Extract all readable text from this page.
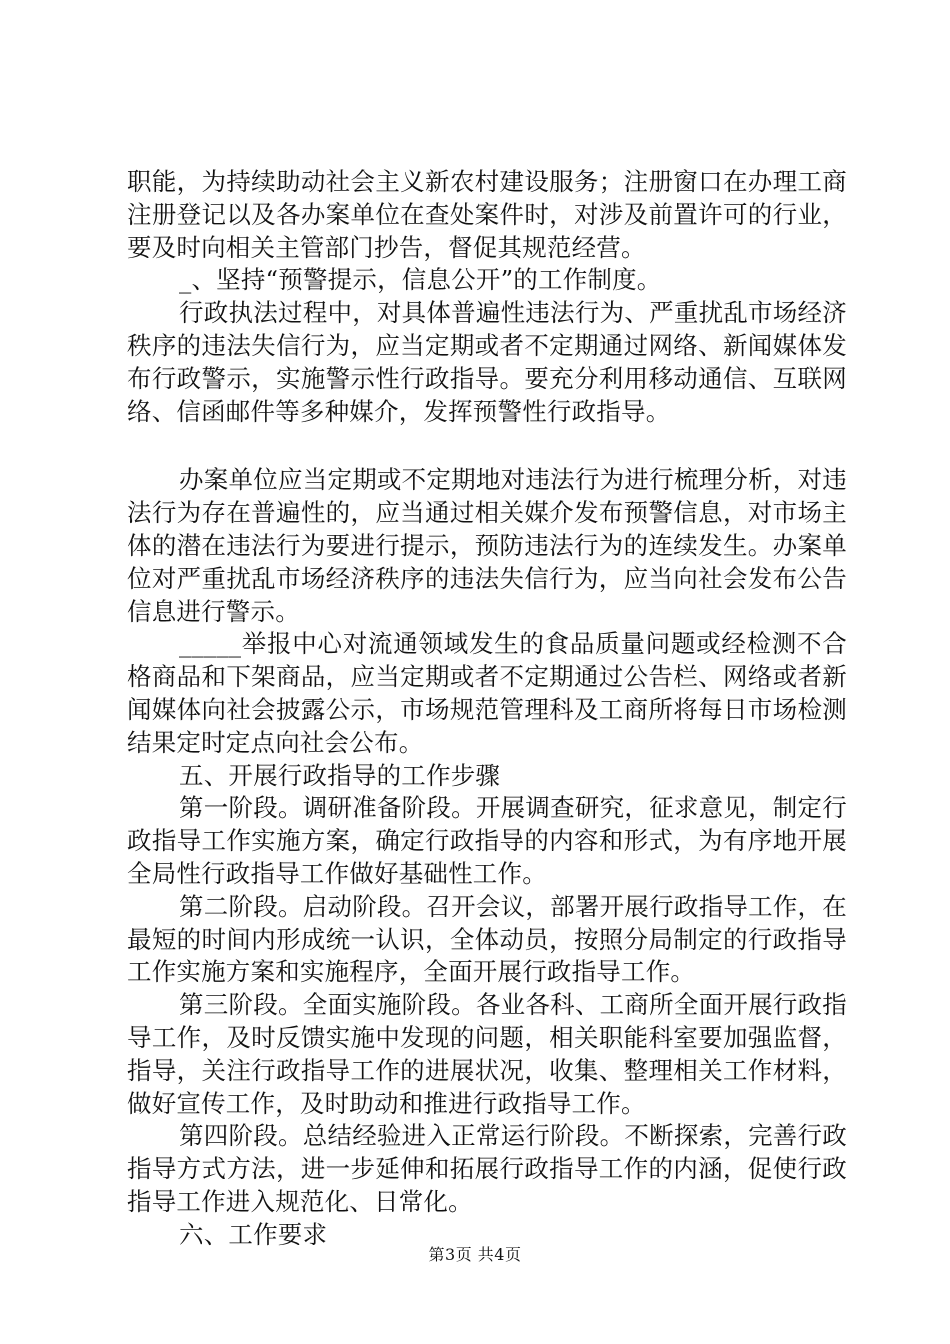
职能，为持续助动社会主义新农村建设服务；注册窗口在办理工商注册登记以及各办案单位在查处案件时，对涉及前置许可的行业，要及时向相关主管部门抄告，督促其规范经营。

_、坚持“预警提示，信息公开”的工作制度。

行政执法过程中，对具体普遍性违法行为、严重扰乱市场经济秩序的违法失信行为，应当定期或者不定期通过网络、新闻媒体发布行政警示，实施警示性行政指导。要充分利用移动通信、互联网络、信函邮件等多种媒介，发挥预警性行政指导。

办案单位应当定期或不定期地对违法行为进行梳理分析，对违法行为存在普遍性的，应当通过相关媒介发布预警信息，对市场主体的潜在违法行为要进行提示，预防违法行为的连续发生。办案单位对严重扰乱市场经济秩序的违法失信行为，应当向社会发布公告信息进行警示。

_____举报中心对流通领域发生的食品质量问题或经检测不合格商品和下架商品，应当定期或者不定期通过公告栏、网络或者新闻媒体向社会披露公示，市场规范管理科及工商所将每日市场检测结果定时定点向社会公布。

五、开展行政指导的工作步骤

第一阶段。调研准备阶段。开展调查研究，征求意见，制定行政指导工作实施方案，确定行政指导的内容和形式，为有序地开展全局性行政指导工作做好基础性工作。

第二阶段。启动阶段。召开会议，部署开展行政指导工作，在最短的时间内形成统一认识，全体动员，按照分局制定的行政指导工作实施方案和实施程序，全面开展行政指导工作。

第三阶段。全面实施阶段。各业各科、工商所全面开展行政指导工作，及时反馈实施中发现的问题，相关职能科室要加强监督，指导，关注行政指导工作的进展状况，收集、整理相关工作材料，做好宣传工作，及时助动和推进行政指导工作。

第四阶段。总结经验进入正常运行阶段。不断探索，完善行政指导方式方法，进一步延伸和拓展行政指导工作的内涵，促使行政指导工作进入规范化、日常化。

六、工作要求

第3页 共4页
